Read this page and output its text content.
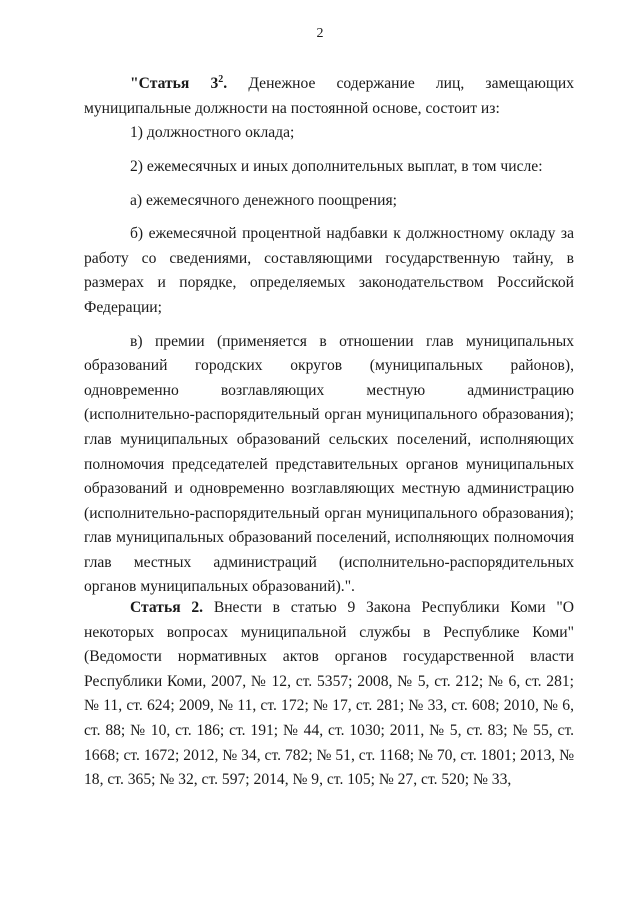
2

"Статья $3^2$. Денежное содержание лиц, замещающих муниципальные должности на постоянной основе, состоит из:

1) должностного оклада;

2) ежемесячных и иных дополнительных выплат, в том числе:

а) ежемесячного денежного поощрения;

б) ежемесячной процентной надбавки к должностному окладу за работу со сведениями, составляющими государственную тайну, в размерах и порядке, определяемых законодательством Российской Федерации;

в) премии (применяется в отношении глав муниципальных образований городских округов (муниципальных районов), одновременно возглавляющих местную администрацию (исполнительно-распорядительный орган муниципального образования); глав муниципальных образований сельских поселений, исполняющих полномочия председателей представительных органов муниципальных образований и одновременно возглавляющих местную администрацию (исполнительно-распорядительный орган муниципального образования); глав муниципальных образований поселений, исполняющих полномочия глав местных администраций (исполнительно-распорядительных органов муниципальных образований).".

Статья 2. Внести в статью 9 Закона Республики Коми "О некоторых вопросах муниципальной службы в Республике Коми" (Ведомости нормативных актов органов государственной власти Республики Коми, 2007, № 12, ст. 5357; 2008, № 5, ст. 212; № 6, ст. 281; № 11, ст. 624; 2009, № 11, ст. 172; № 17, ст. 281; № 33, ст. 608; 2010, № 6, ст. 88; № 10, ст. 186; ст. 191; № 44, ст. 1030; 2011, № 5, ст. 83; № 55, ст. 1668; ст. 1672; 2012, № 34, ст. 782; № 51, ст. 1168; № 70, ст. 1801; 2013, № 18, ст. 365; № 32, ст. 597; 2014, № 9, ст. 105; № 27, ст. 520; № 33,
